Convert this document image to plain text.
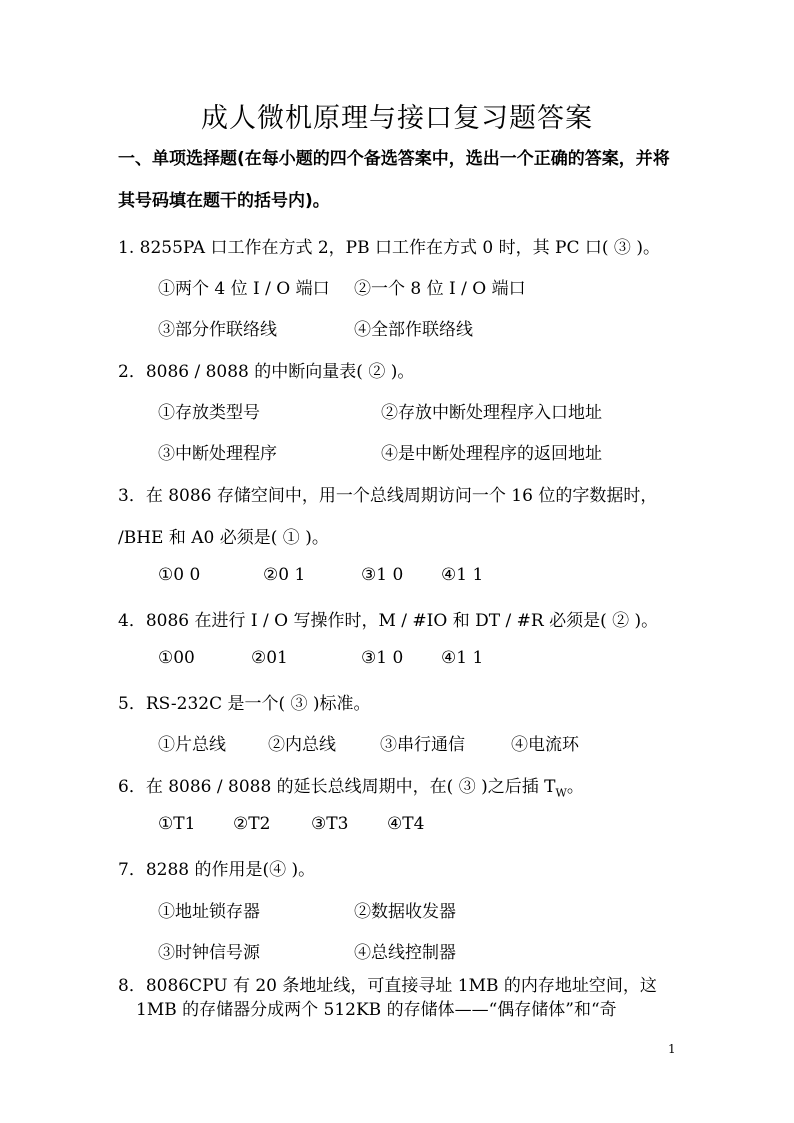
成人微机原理与接口复习题答案
一、单项选择题(在每小题的四个备选答案中，选出一个正确的答案，并将其号码填在题干的括号内)。
1. 8255PA 口工作在方式 2，PB 口工作在方式 0 时，其 PC 口( ③ )。
①两个 4 位 I / O 端口 ②一个 8 位 I / O 端口
③部分作联络线	④全部作联络线
2．8086 / 8088 的中断向量表( ② )。
①存放类型号	②存放中断处理程序入口地址
③中断处理程序	④是中断处理程序的返回地址
3．在 8086 存储空间中，用一个总线周期访问一个 16 位的字数据时，
/BHE 和 A0 必须是( ① )。
①0 0	②0 1	③1 0 ④1 1
4．8086 在进行 I / O 写操作时，M / #IO 和 DT / #R 必须是( ② )。
①00	②01	③1 0 ④1 1
5．RS-232C 是一个( ③ )标准。
①片总线 ②内总线	③串行通信	④电流环
6．在 8086 / 8088 的延长总线周期中，在( ③ )之后插 $T_W$。
①T1 ②T2 ③T3 ④T4
7．8288 的作用是(④ )。
①地址锁存器	②数据收发器
③时钟信号源	④总线控制器
8．8086CPU 有 20 条地址线，可直接寻址 1MB 的内存地址空间，这
1MB 的存储器分成两个 512KB 的存储体——“偶存储体”和“奇
1
